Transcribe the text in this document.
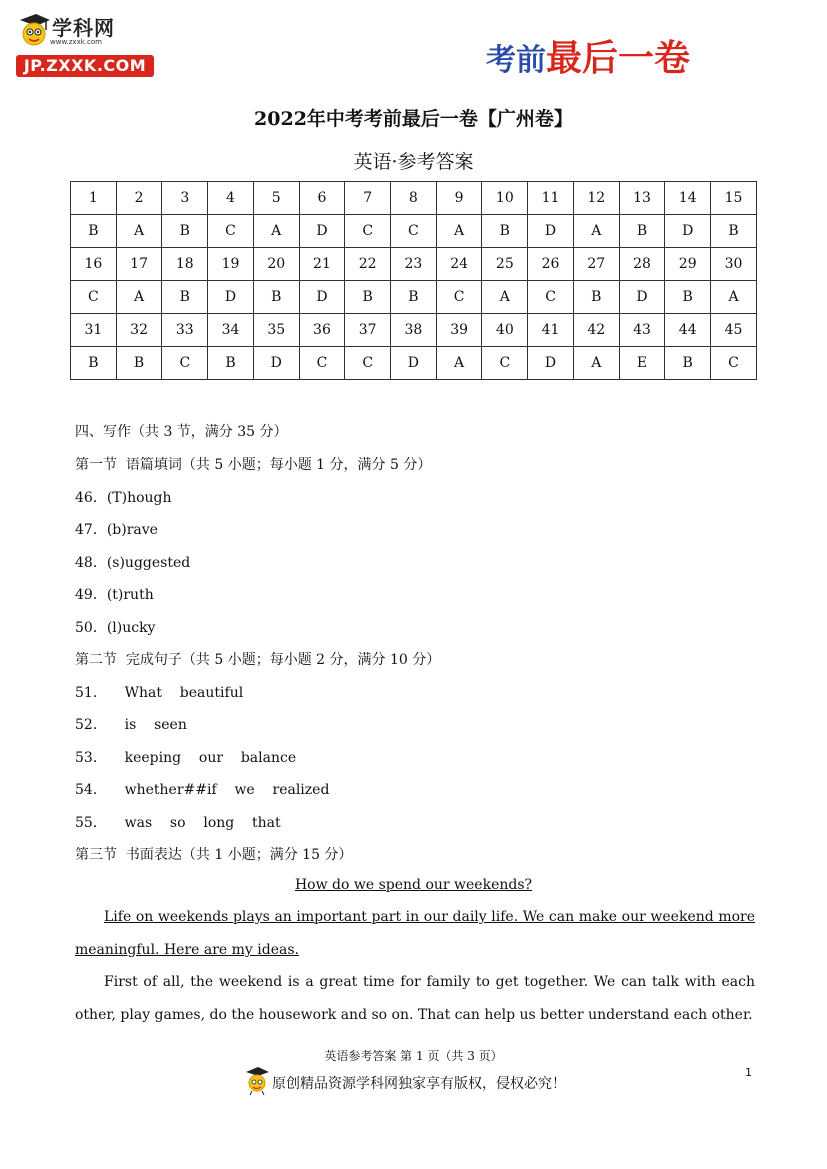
学科网
www.zxxk.com
JP.ZXXK.COM	考前最后一卷
2022年中考考前最后一卷【广州卷】
英语·参考答案
1	2	3	4	5	6	7	8	9	10	11	12	13	14	15
B	A	B	C	A	D	C	C	A	B	D	A	B	D	B
16	17	18	19	20	21	22	23	24	25	26	27	28	29	30
C	A	B	D	B	D	B	B	C	A	C	B	D	B	A
31	32	33	34	35	36	37	38	39	40	41	42	43	44	45
B	B	C	B	D	C	C	D	A	C	D	A	E	B	C
四、写作（共 3 节，满分 35 分）
第一节  语篇填词（共 5 小题；每小题 1 分，满分 5 分）
46．(T)hough
47．(b)rave
48．(s)uggested
49．(t)ruth
50．(l)ucky
第二节  完成句子（共 5 小题；每小题 2 分，满分 10 分）
51．    What    beautiful
52．    is    seen
53．    keeping    our    balance
54．    whether##if    we    realized
55．    was    so    long    that
第三节  书面表达（共 1 小题；满分 15 分）
How do we spend our weekends?
Life on weekends plays an important part in our daily life. We can make our weekend more meaningful. Here are my ideas.
First of all, the weekend is a great time for family to get together. We can talk with each other, play games, do the housework and so on. That can help us better understand each other.
英语参考答案 第 1 页（共 3 页）
1
原创精品资源学科网独家享有版权，侵权必究！
